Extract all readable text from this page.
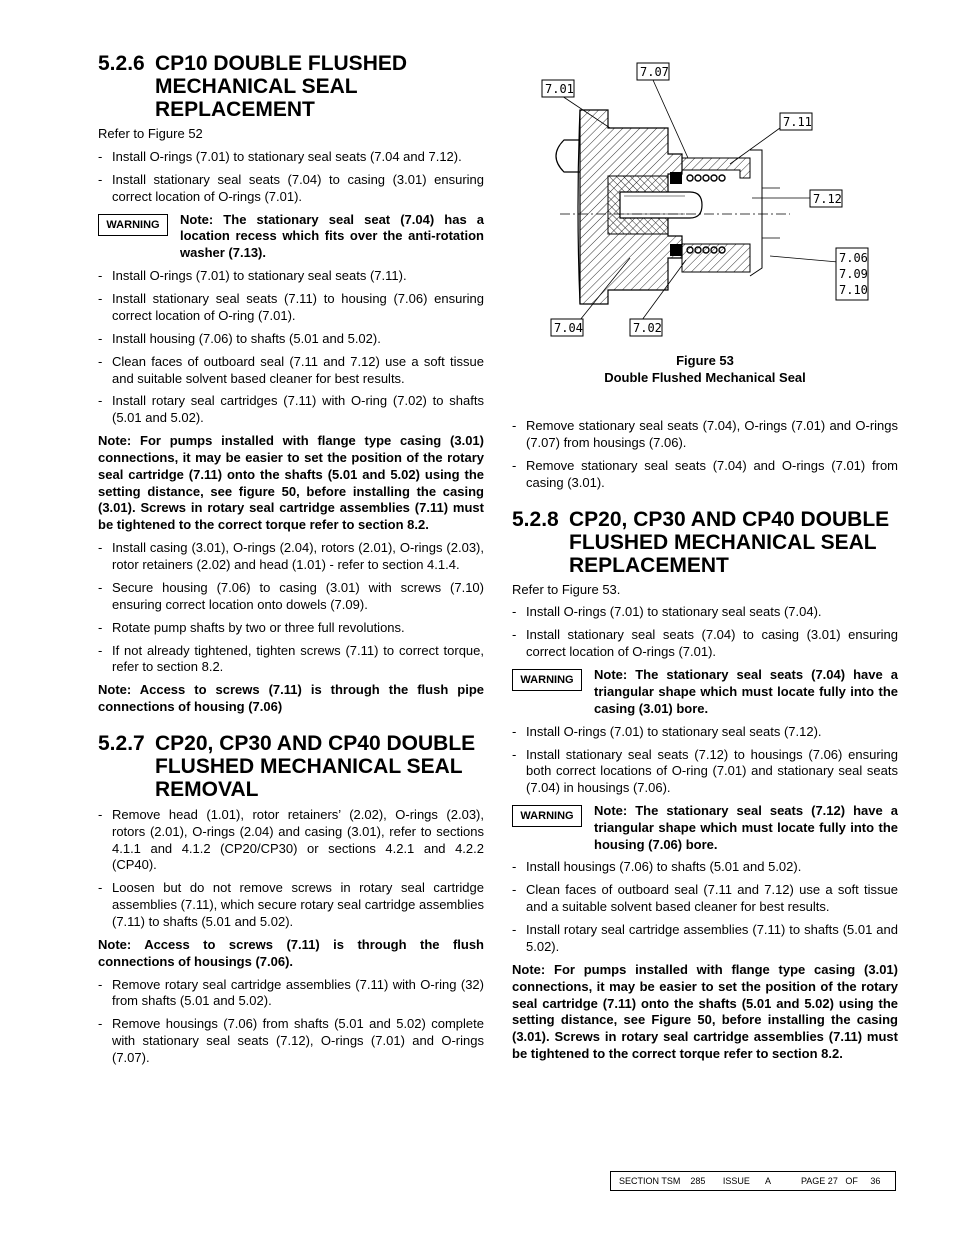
5.2.6 CP10 DOUBLE FLUSHED MECHANICAL SEAL REPLACEMENT

Refer to Figure 52

- Install O-rings (7.01) to stationary seal seats (7.04 and 7.12).
- Install stationary seal seats (7.04) to casing (3.01) ensuring correct location of O-rings (7.01).
WARNING	Note: The stationary seal seat (7.04) has a location recess which fits over the anti-rotation washer (7.13).

- Install O-rings (7.01) to stationary seal seats (7.11).
- Install stationary seal seats (7.11) to housing (7.06) ensuring correct location of O-ring (7.01).
- Install housing (7.06) to shafts (5.01 and 5.02).
- Clean faces of outboard seal (7.11 and 7.12) use a soft tissue and suitable solvent based cleaner for best results.
- Install rotary seal cartridges (7.11) with O-ring (7.02) to shafts (5.01 and 5.02).

Note: For pumps installed with flange type casing (3.01) connections, it may be easier to set the position of the rotary seal cartridge (7.11) onto the shafts (5.01 and 5.02) using the setting distance, see figure 50, before installing the casing (3.01). Screws in rotary seal cartridge assemblies (7.11) must be tightened to the correct torque refer to section 8.2.

- Install casing (3.01), O-rings (2.04), rotors (2.01), O-rings (2.03), rotor retainers (2.02) and head (1.01) - refer to section 4.1.4.
- Secure housing (7.06) to casing (3.01) with screws (7.10) ensuring correct location onto dowels (7.09).
- Rotate pump shafts by two or three full revolutions.
- If not already tightened, tighten screws (7.11) to correct torque, refer to section 8.2.

Note: Access to screws (7.11) is through the flush pipe connections of housing (7.06)

5.2.7 CP20, CP30 AND CP40 DOUBLE FLUSHED MECHANICAL SEAL REMOVAL
- Remove head (1.01), rotor retainers’ (2.02), O-rings (2.03), rotors (2.01), O-rings (2.04) and casing (3.01), refer to sections 4.1.1 and 4.1.2 (CP20/CP30) or sections 4.2.1 and 4.2.2 (CP40).
- Loosen but do not remove screws in rotary seal cartridge assemblies (7.11), which secure rotary seal cartridge assemblies (7.11) to shafts (5.01 and 5.02).

Note: Access to screws (7.11) is through the flush connections of housings (7.06).

- Remove rotary seal cartridge assemblies (7.11) with O-ring (32) from shafts (5.01 and 5.02).
- Remove housings (7.06) from shafts (5.01 and 5.02) complete with stationary seal seats (7.12), O-rings (7.01) and O-rings (7.07).
7.01
7.07
7.11
7.12
7.06
7.09
7.10
7.04	7.02
Figure 53
Double Flushed Mechanical Seal
- Remove stationary seal seats (7.04), O-rings (7.01) and O-rings (7.07) from housings (7.06).
- Remove stationary seal seats (7.04) and O-rings (7.01) from casing (3.01).
5.2.8 CP20, CP30 AND CP40 DOUBLE FLUSHED MECHANICAL SEAL REPLACEMENT

Refer to Figure 53.

- Install O-rings (7.01) to stationary seal seats (7.04).
- Install stationary seal seats (7.04) to casing (3.01) ensuring correct location of O-rings (7.01).
WARNING	Note: The stationary seal seats (7.04) have a triangular shape which must locate fully into the casing (3.01) bore.

- Install O-rings (7.01) to stationary seal seats (7.12).
- Install stationary seal seats (7.12) to housings (7.06) ensuring both correct locations of O-ring (7.01) and stationary seal seats (7.04) in housings (7.06).
WARNING	Note: The stationary seal seats (7.12) have a triangular shape which must locate fully into the housing (7.06) bore.

- Install housings (7.06) to shafts (5.01 and 5.02).
- Clean faces of outboard seal (7.11 and 7.12) use a soft tissue and a suitable solvent based cleaner for best results.
- Install rotary seal cartridge assemblies (7.11) to shafts (5.01 and 5.02).

Note: For pumps installed with flange type casing (3.01) connections, it may be easier to set the position of the rotary seal cartridge (7.11) onto the shafts (5.01 and 5.02) using the setting distance, see Figure 50, before installing the casing (3.01). Screws in rotary seal cartridge assemblies (7.11) must be tightened to the correct torque refer to section 8.2.

SECTION TSM
285
ISSUE
A
	PAGE 27
OF
36
